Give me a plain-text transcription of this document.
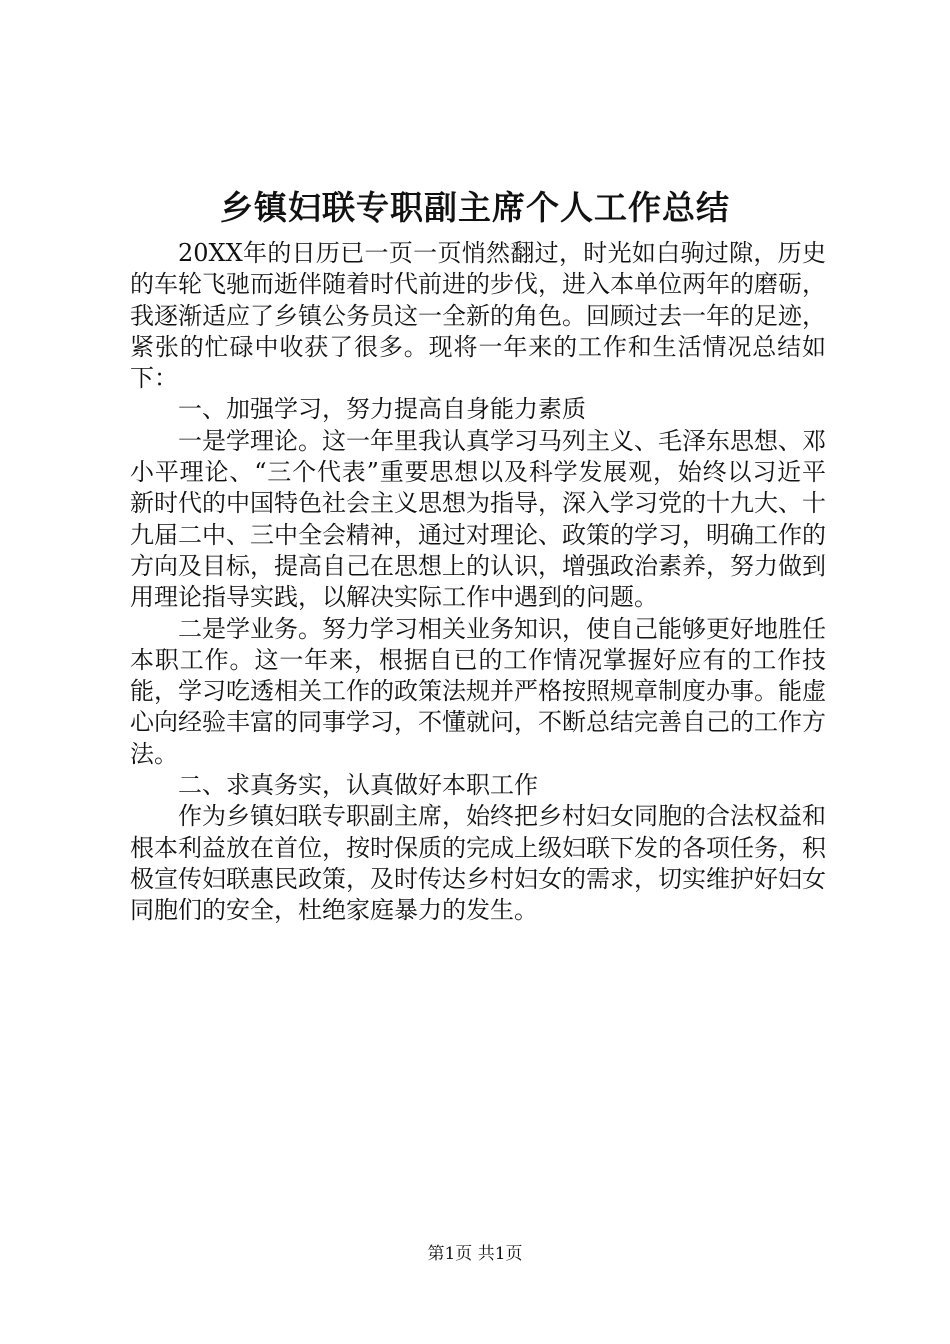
乡镇妇联专职副主席个人工作总结

20XX年的日历已一页一页悄然翻过，时光如白驹过隙，历史的车轮飞驰而逝伴随着时代前进的步伐，进入本单位两年的磨砺，我逐渐适应了乡镇公务员这一全新的角色。回顾过去一年的足迹，紧张的忙碌中收获了很多。现将一年来的工作和生活情况总结如下：

一、加强学习，努力提高自身能力素质

一是学理论。这一年里我认真学习马列主义、毛泽东思想、邓小平理论、“三个代表”重要思想以及科学发展观，始终以习近平新时代的中国特色社会主义思想为指导，深入学习党的十九大、十九届二中、三中全会精神，通过对理论、政策的学习，明确工作的方向及目标，提高自己在思想上的认识，增强政治素养，努力做到用理论指导实践，以解决实际工作中遇到的问题。

二是学业务。努力学习相关业务知识，使自己能够更好地胜任本职工作。这一年来，根据自已的工作情况掌握好应有的工作技能，学习吃透相关工作的政策法规并严格按照规章制度办事。能虚心向经验丰富的同事学习，不懂就问，不断总结完善自己的工作方法。

二、求真务实，认真做好本职工作

作为乡镇妇联专职副主席，始终把乡村妇女同胞的合法权益和根本利益放在首位，按时保质的完成上级妇联下发的各项任务，积极宣传妇联惠民政策，及时传达乡村妇女的需求，切实维护好妇女同胞们的安全，杜绝家庭暴力的发生。

第1页 共1页
